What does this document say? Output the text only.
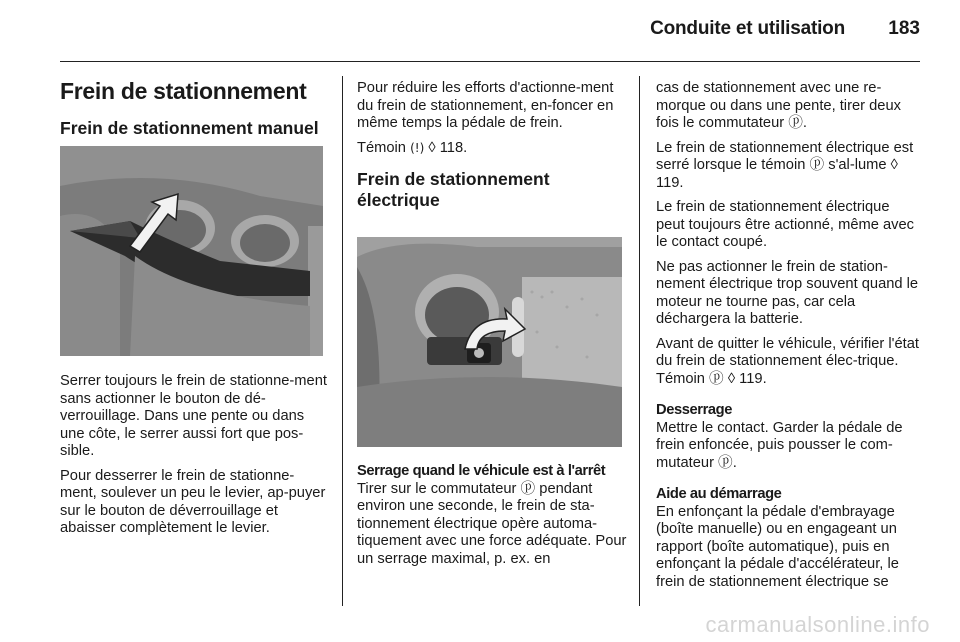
Conduite et utilisation	183
Frein de stationnement
Frein de stationnement manuel

Serrer toujours le frein de stationne-ment sans actionner le bouton de dé-verrouillage. Dans une pente ou dans une côte, le serrer aussi fort que pos-sible.

Pour desserrer le frein de stationne-ment, soulever un peu le levier, ap-puyer sur le bouton de déverrouillage et abaisser complètement le levier.

Pour réduire les efforts d'actionne-ment du frein de stationnement, en-foncer en même temps la pédale de frein.

Témoin (!) ◊ 118.

Frein de stationnement électrique
Serrage quand le véhicule est à l'arrêt

Tirer sur le commutateur ⓟ pendant environ une seconde, le frein de sta-tionnement électrique opère automa-tiquement avec une force adéquate. Pour un serrage maximal, p. ex. en

cas de stationnement avec une re-morque ou dans une pente, tirer deux fois le commutateur ⓟ.

Le frein de stationnement électrique est serré lorsque le témoin ⓟ s'al-lume ◊ 119.

Le frein de stationnement électrique peut toujours être actionné, même avec le contact coupé.

Ne pas actionner le frein de station-nement électrique trop souvent quand le moteur ne tourne pas, car cela déchargera la batterie.

Avant de quitter le véhicule, vérifier l'état du frein de stationnement élec-trique. Témoin ⓟ ◊ 119.

Desserrage

Mettre le contact. Garder la pédale de frein enfoncée, puis pousser le com-mutateur ⓟ.

Aide au démarrage

En enfonçant la pédale d'embrayage (boîte manuelle) ou en engageant un rapport (boîte automatique), puis en enfonçant la pédale d'accélérateur, le frein de stationnement électrique se

carmanualsonline.info
